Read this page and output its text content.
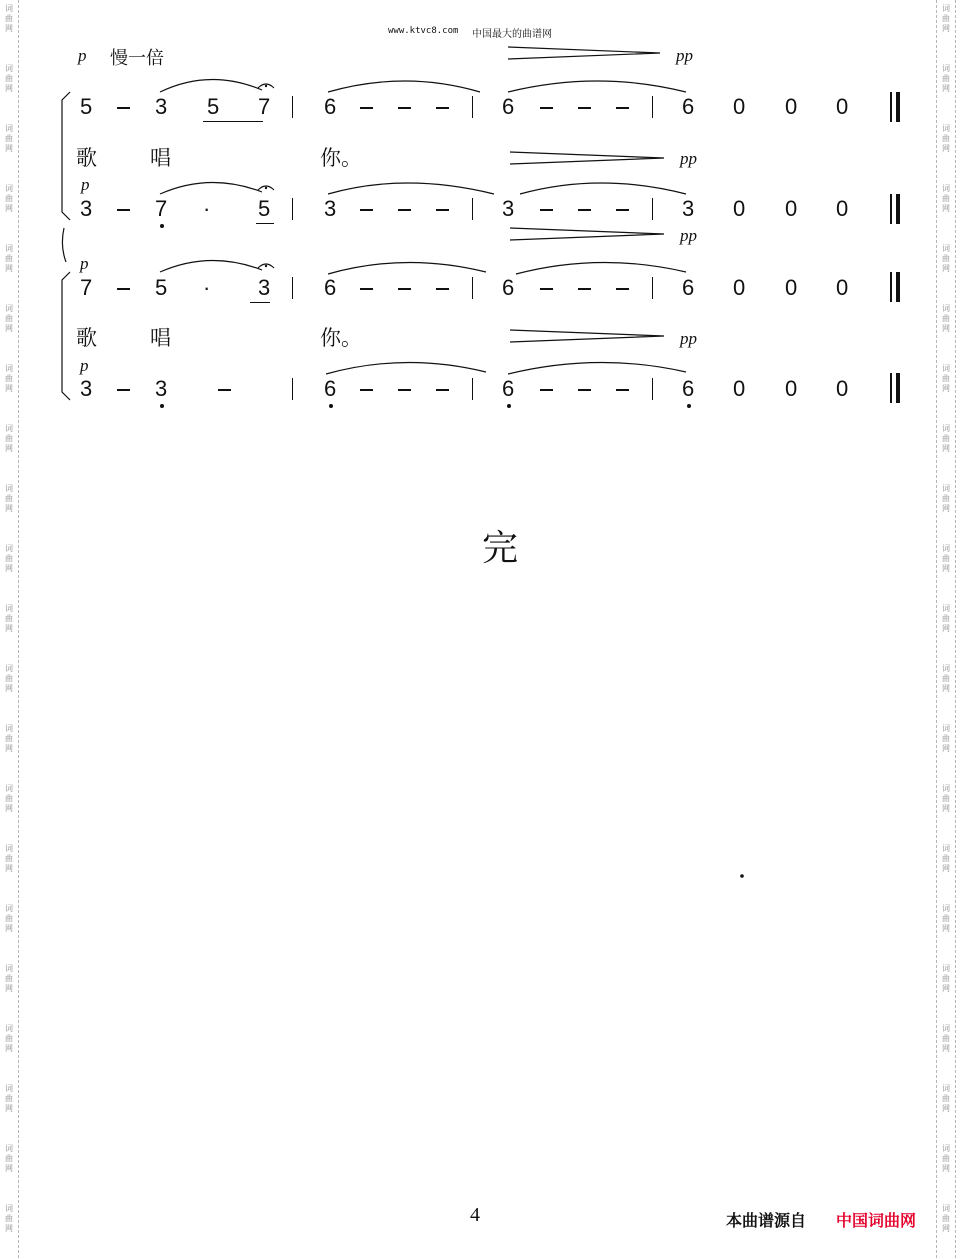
词曲网
词曲网
词曲网
词曲网
词曲网
词曲网
词曲网
词曲网
词曲网
词曲网
词曲网
词曲网
词曲网
词曲网
词曲网
词曲网
词曲网
词曲网
词曲网
词曲网
词曲网
词曲网
词曲网
词曲网
词曲网
词曲网
词曲网
词曲网
词曲网
词曲网
词曲网
词曲网
词曲网
词曲网
词曲网
词曲网
词曲网
词曲网
词曲网
词曲网
词曲网
词曲网
www.ktvc8.com 中国最大的曲谱网
p 慢一倍	pp
p
pp
pp
p
pp
p
5	3 5 7 6	6	6 0 0 0
歌	唱	你。
3	7 · 5 3	3	3 0 0 0
7	5 · 3 6	6	6 0 0 0
歌	唱	你。
3	3	6	6	6 0 0 0
完
4	本曲谱源自 中国词曲网
